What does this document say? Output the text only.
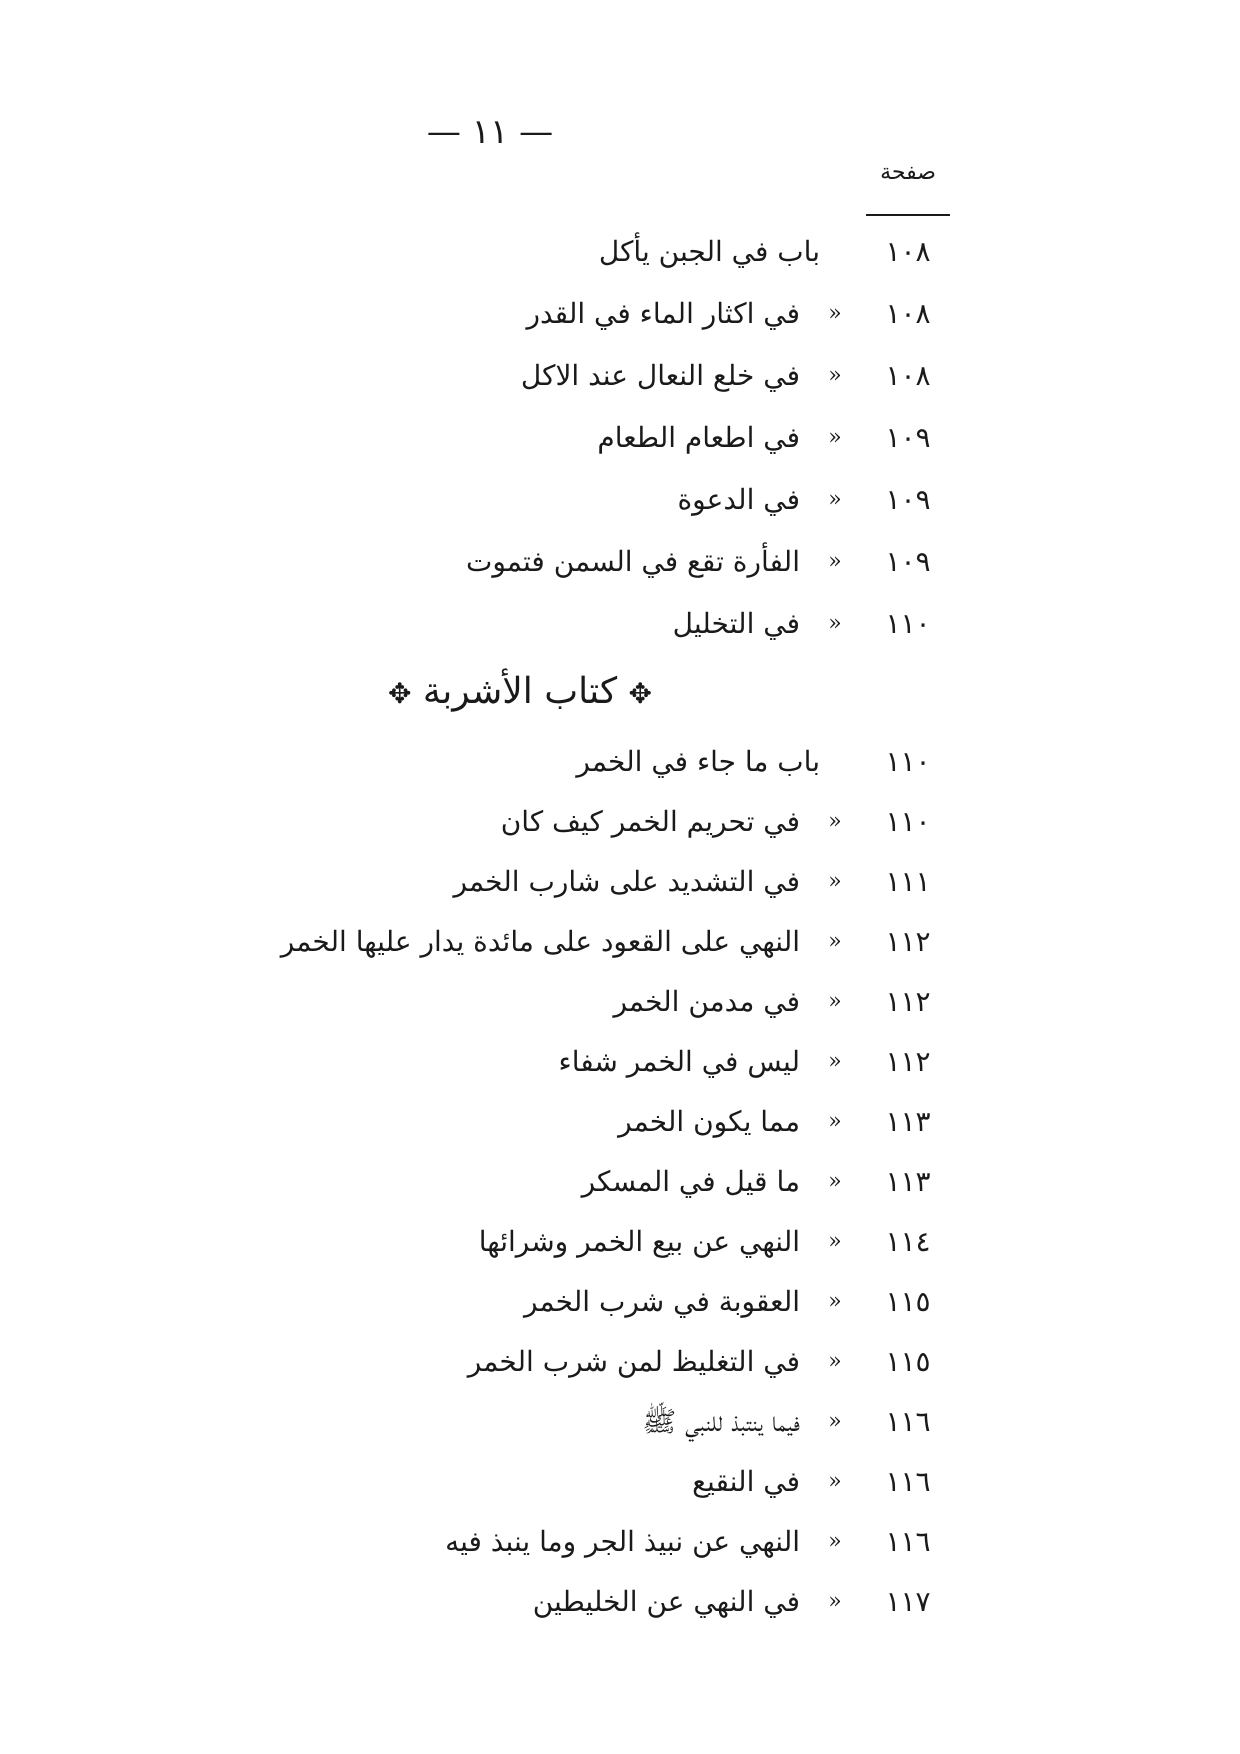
— ١١ —
صفحة
١٠٨
باب في الجبن يأكل
١٠٨
»
في اكثار الماء في القدر
١٠٨
»
في خلع النعال عند الاكل
١٠٩
»
في اطعام الطعام
١٠٩
»
في الدعوة
١٠٩
»
الفأرة تقع في السمن فتموت
١١٠
»
في التخليل
✥ كتاب الأشربة ✥
١١٠
باب ما جاء في الخمر
١١٠
»
في تحريم الخمر كيف كان
١١١
»
في التشديد على شارب الخمر
١١٢
»
النهي على القعود على مائدة يدار عليها الخمر
١١٢
»
في مدمن الخمر
١١٢
»
ليس في الخمر شفاء
١١٣
»
مما يكون الخمر
١١٣
»
ما قيل في المسكر
١١٤
»
النهي عن بيع الخمر وشرائها
١١٥
»
العقوبة في شرب الخمر
١١٥
»
في التغليظ لمن شرب الخمر
١١٦
»
فيما ينتبذ للنبي ﷺ
١١٦
»
في النقيع
١١٦
»
النهي عن نبيذ الجر وما ينبذ فيه
١١٧
»
في النهي عن الخليطين
